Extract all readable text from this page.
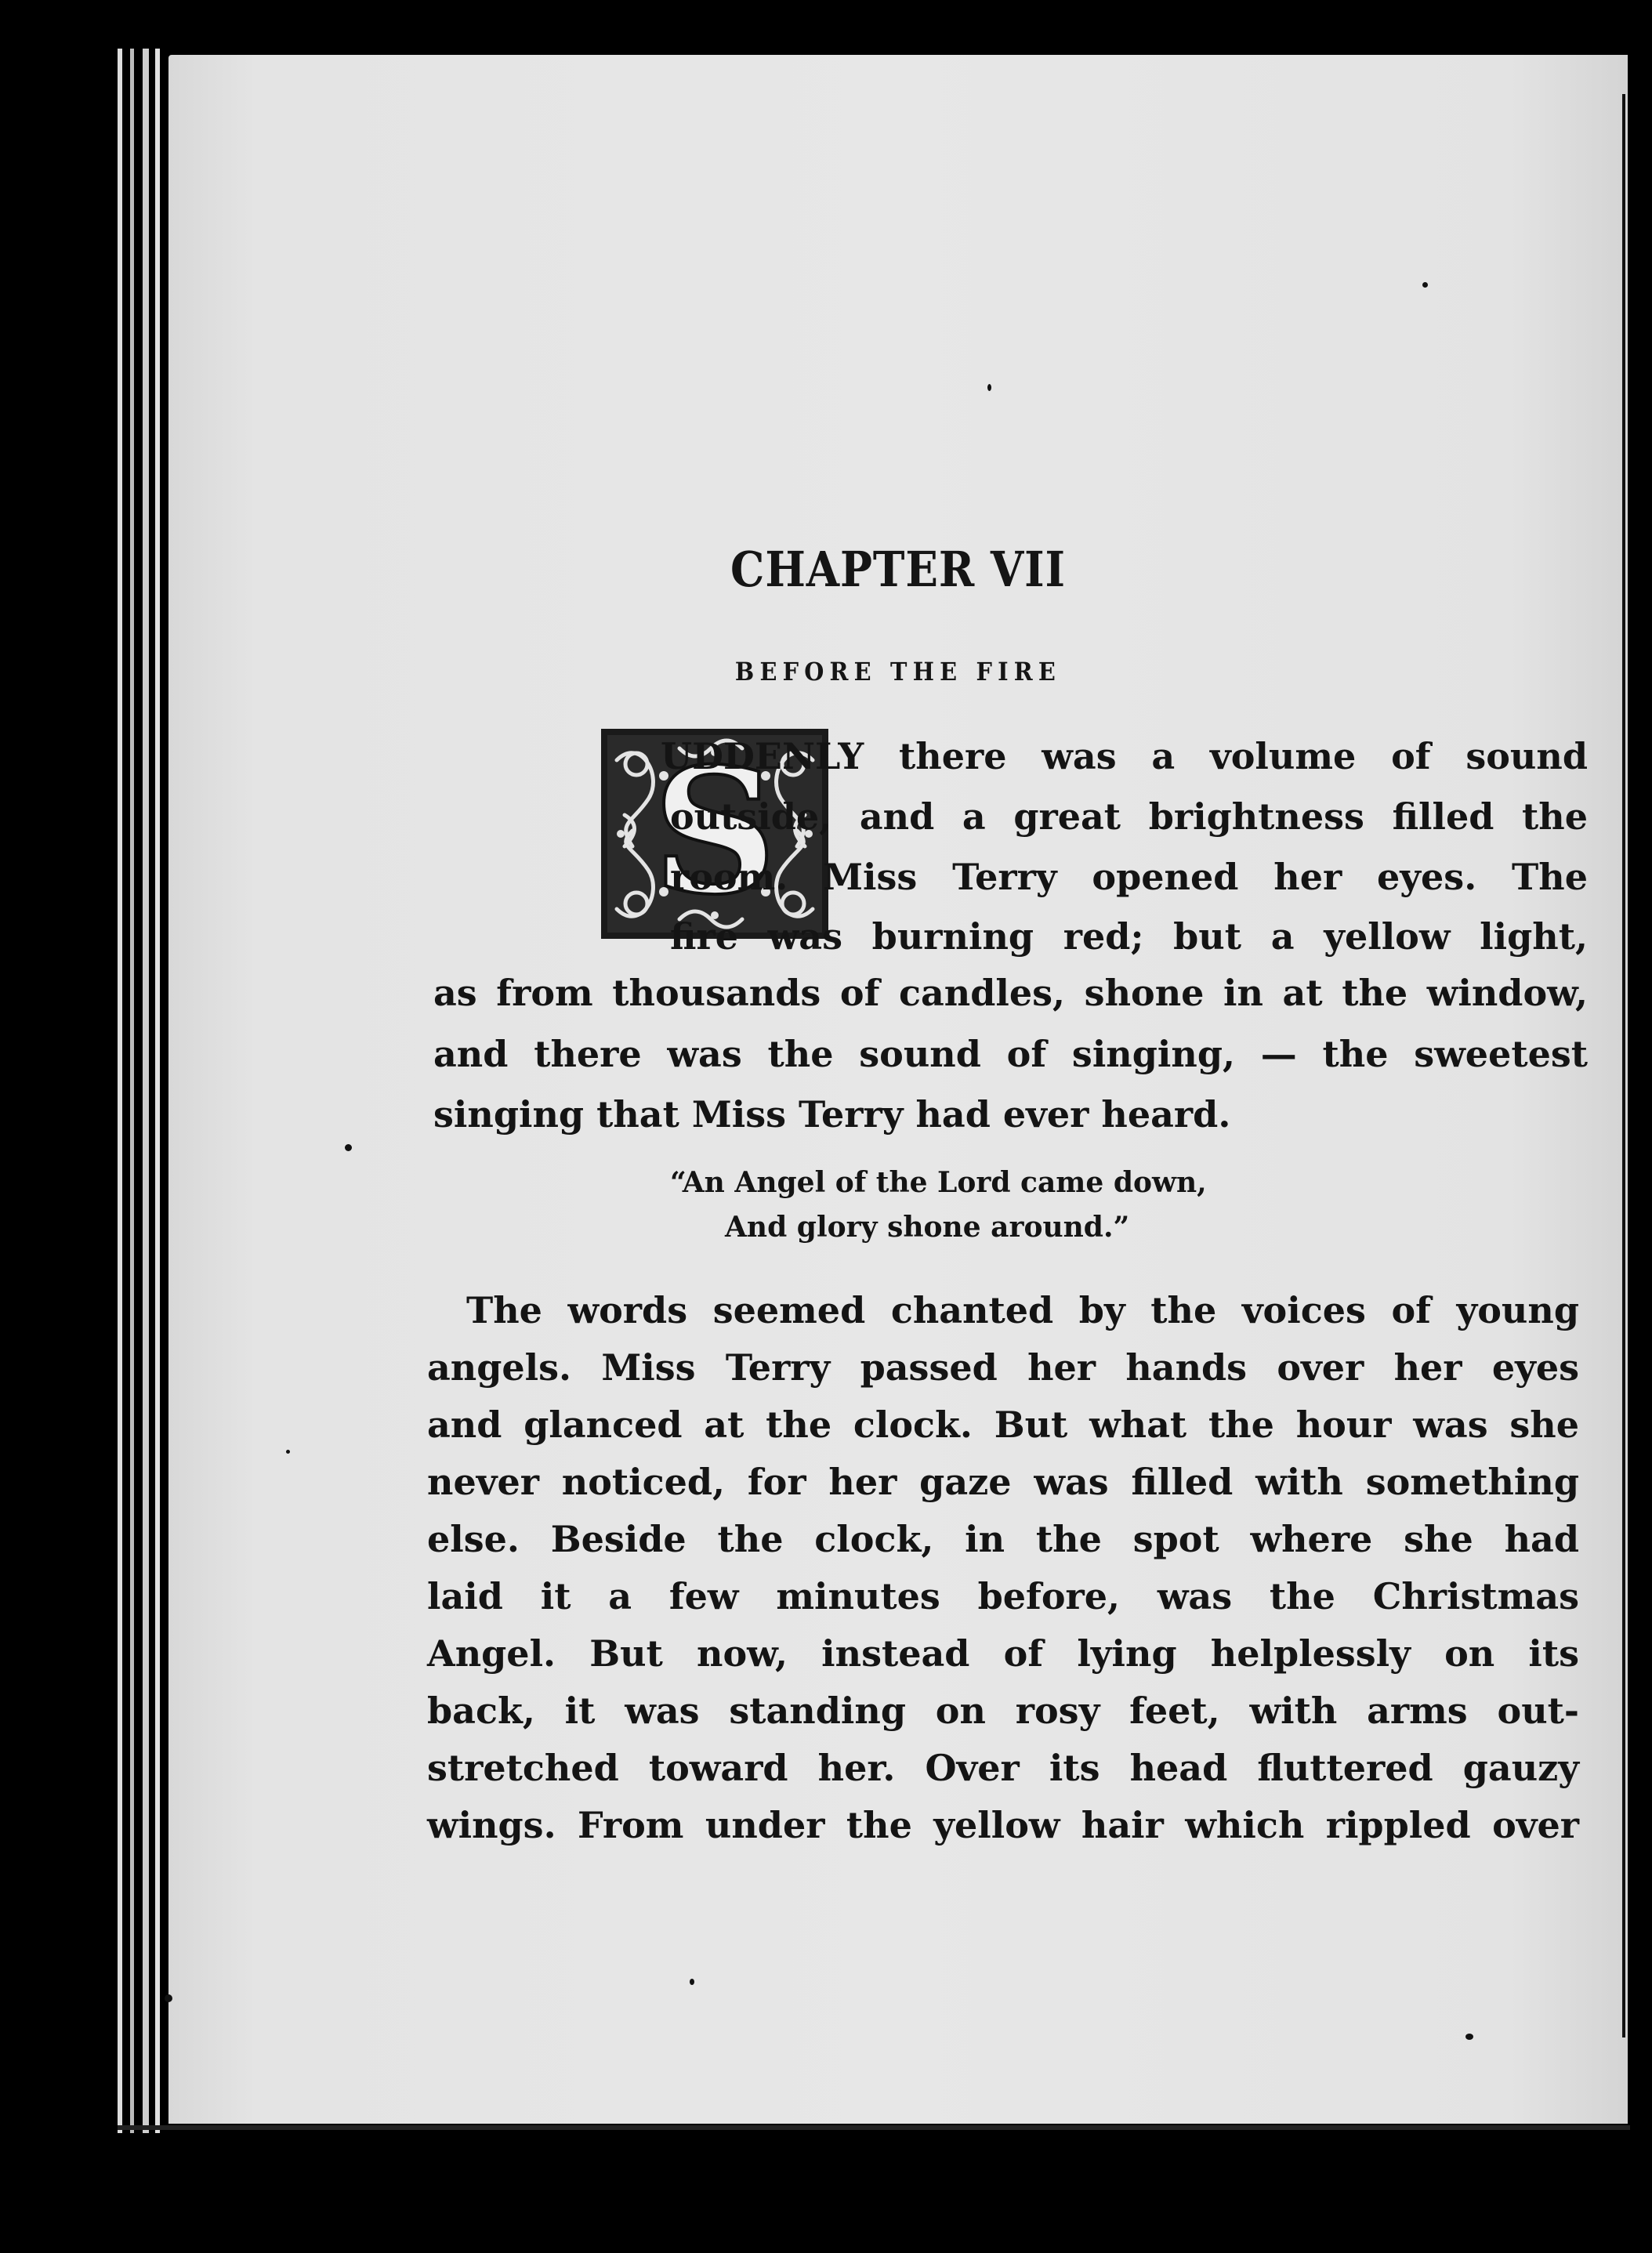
CHAPTER VII
BEFORE THE FIRE
S
UDDENLY there was a volume of sound
outside, and a great brightness filled the
room. Miss Terry opened her eyes. The
fire was burning red; but a yellow light,
as from thousands of candles, shone in at the window,
and there was the sound of singing, — the sweetest
singing that Miss Terry had ever heard.
“An Angel of the Lord came down,
And glory shone around.”
The words seemed chanted by the voices of young
angels. Miss Terry passed her hands over her eyes
and glanced at the clock. But what the hour was she
never noticed, for her gaze was filled with something
else. Beside the clock, in the spot where she had
laid it a few minutes before, was the Christmas
Angel. But now, instead of lying helplessly on its
back, it was standing on rosy feet, with arms out-
stretched toward her. Over its head fluttered gauzy
wings. From under the yellow hair which rippled over
